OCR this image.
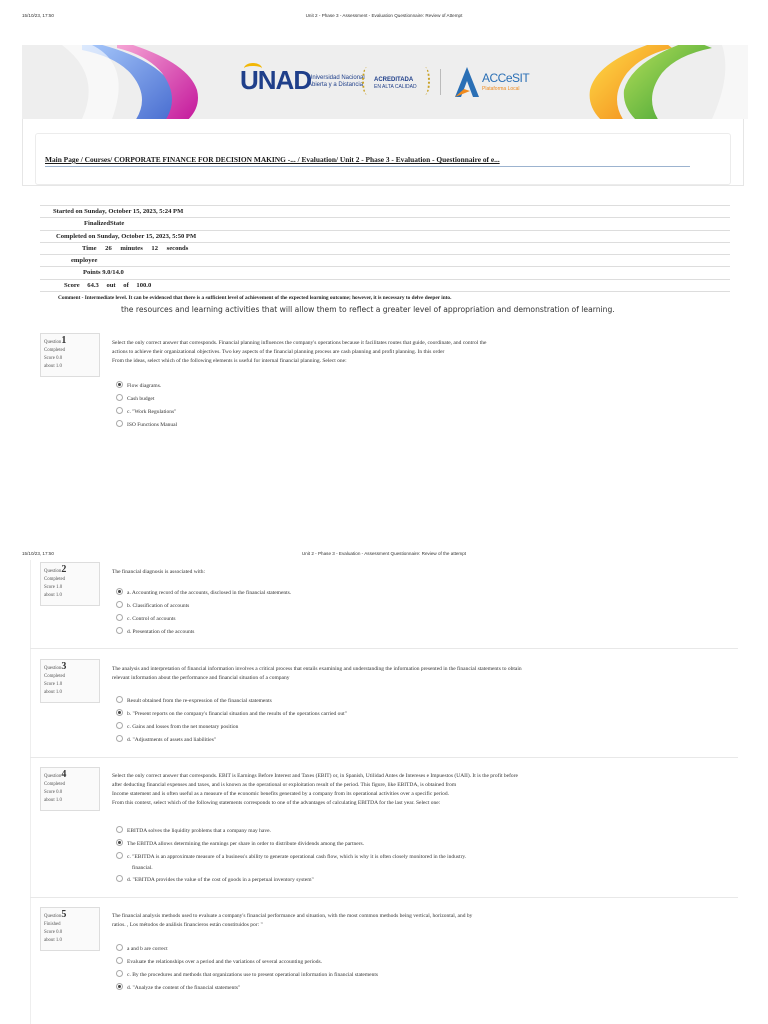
15/10/23, 17:50	Unit 2 - Phase 3 - Assessment - Evaluation Questionnaire: Review of Attempt
UNAD
Universidad Nacional
Abierta y a Distancia
ACREDITADA
EN ALTA CALIDAD
ACCeSIT
Plataforma Local
Main Page / Courses/ CORPORATE FINANCE FOR DECISION MAKING -... / Evaluation/ Unit 2 - Phase 3 - Evaluation - Questionnaire of e...
Started on Sunday, October 15, 2023, 5:24 PM
FinalizedState
Completed on Sunday, October 15, 2023, 5:50 PM
Time 26 minutes 12 seconds
employee
Points 9.0/14.0
Score 64.3 out of 100.0
Comment - Intermediate level. It can be evidenced that there is a sufficient level of achievement of the expected learning outcome; however, it is necessary to delve deeper into.
the resources and learning activities that will allow them to reflect a greater level of appropriation and demonstration of learning.
Question1
Completed
Score 0.0
about 1.0
Select the only correct answer that corresponds. Financial planning influences the company's operations because it facilitates routes that guide, coordinate, and control the
actions to achieve their organizational objectives. Two key aspects of the financial planning process are cash planning and profit planning. In this order
From the ideas, select which of the following elements is useful for internal financial planning. Select one:
Flow diagrams.
Cash budget
c. "Work Regulations"
ISO Functions Manual
15/10/23, 17:50	Unit 2 - Phase 3 - Evaluation - Assessment Questionnaire: Review of the attempt
Question2
Completed
Score 1.0
about 1.0
The financial diagnosis is associated with:
a. Accounting record of the accounts, disclosed in the financial statements.
b. Classification of accounts
c. Control of accounts
d. Presentation of the accounts
Question3
Completed
Score 1.0
about 1.0
The analysis and interpretation of financial information involves a critical process that entails examining and understanding the information presented in the financial statements to obtain
relevant information about the performance and financial situation of a company
Result obtained from the re-expression of the financial statements
b. "Present reports on the company's financial situation and the results of the operations carried out"
c. Gains and losses from the net monetary position
d. "Adjustments of assets and liabilities"
Question4
Completed
Score 0.0
about 1.0
Select the only correct answer that corresponds. EBIT is Earnings Before Interest and Taxes (EBIT) or, in Spanish, Utilidad Antes de Intereses e Impuestos (UAII). It is the profit before
after deducting financial expenses and taxes, and is known as the operational or exploitation result of the period. This figure, like EBITDA, is obtained from
Income statement and is often useful as a measure of the economic benefits generated by a company from its operational activities over a specific period.
From this context, select which of the following statements corresponds to one of the advantages of calculating EBITDA for the last year. Select one:
EBITDA solves the liquidity problems that a company may have.
The EBITDA allows determining the earnings per share in order to distribute dividends among the partners.
c. "EBITDA is an approximate measure of a business's ability to generate operational cash flow, which is why it is often closely monitored in the industry.
financial.
d. "EBITDA provides the value of the cost of goods in a perpetual inventory system"
Question5
Finished
Score 0.0
about 1.0
The financial analysis methods used to evaluate a company's financial performance and situation, with the most common methods being vertical, horizontal, and by
ratios. , Los métodos de análisis financieros están constituidos por: "
a and b are correct
Evaluate the relationships over a period and the variations of several accounting periods.
c. By the procedures and methods that organizations use to present operational information in financial statements
d. "Analyze the content of the financial statements"
